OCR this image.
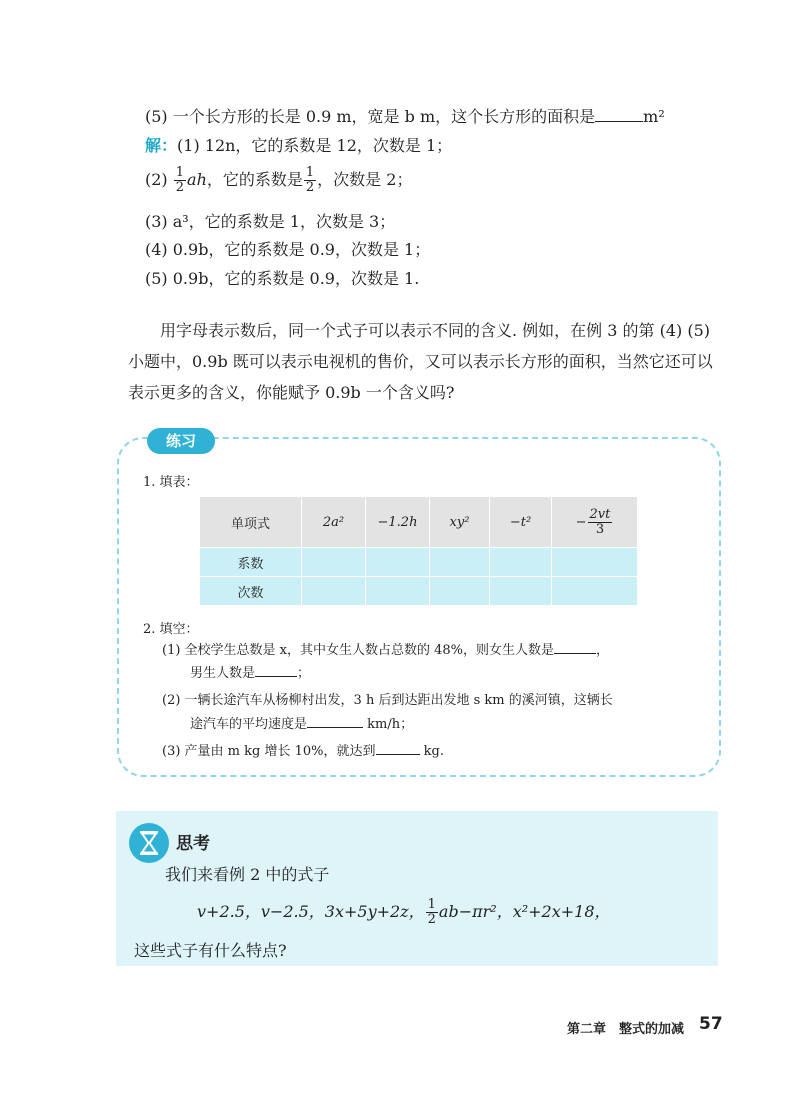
(5) 一个长方形的长是 0.9 m，宽是 b m，这个长方形的面积是	m²
解：(1) 12n，它的系数是 12，次数是 1；
$(2) \frac{1}{2}$ ah，它的系数是 $\frac{1}{2}$ ，次数是 2；
(3) a³，它的系数是 1，次数是 3；
(4) 0.9b，它的系数是 0.9，次数是 1；
(5) 0.9b，它的系数是 0.9，次数是 1.
用字母表示数后，同一个式子可以表示不同的含义. 例如，在例 3 的第 (4) (5) 小题中，0.9b 既可以表示电视机的售价，又可以表示长方形的面积，当然它还可以表示更多的含义，你能赋予 0.9b 一个含义吗?
练习
1. 填表：
单项式	2a²	−1.2h	xy²	−t²	− $\frac{2vt}{3}$

系数					
次数					
2. 填空：
(1) 全校学生总数是 x，其中女生人数占总数的 48%，则女生人数是	，
男生人数是	；
(2) 一辆长途汽车从杨柳村出发，3 h 后到达距出发地 s km 的溪河镇，这辆长
途汽车的平均速度是	km/h；
(3) 产量由 m kg 增长 10%，就达到	kg.
思考
我们来看例 2 中的式子
v+2.5，v−2.5，3x+5y+2z， $\frac{1}{2} ab-\pi r^2$，x²+2x+18，
这些式子有什么特点?
第二章　整式的加减 57
